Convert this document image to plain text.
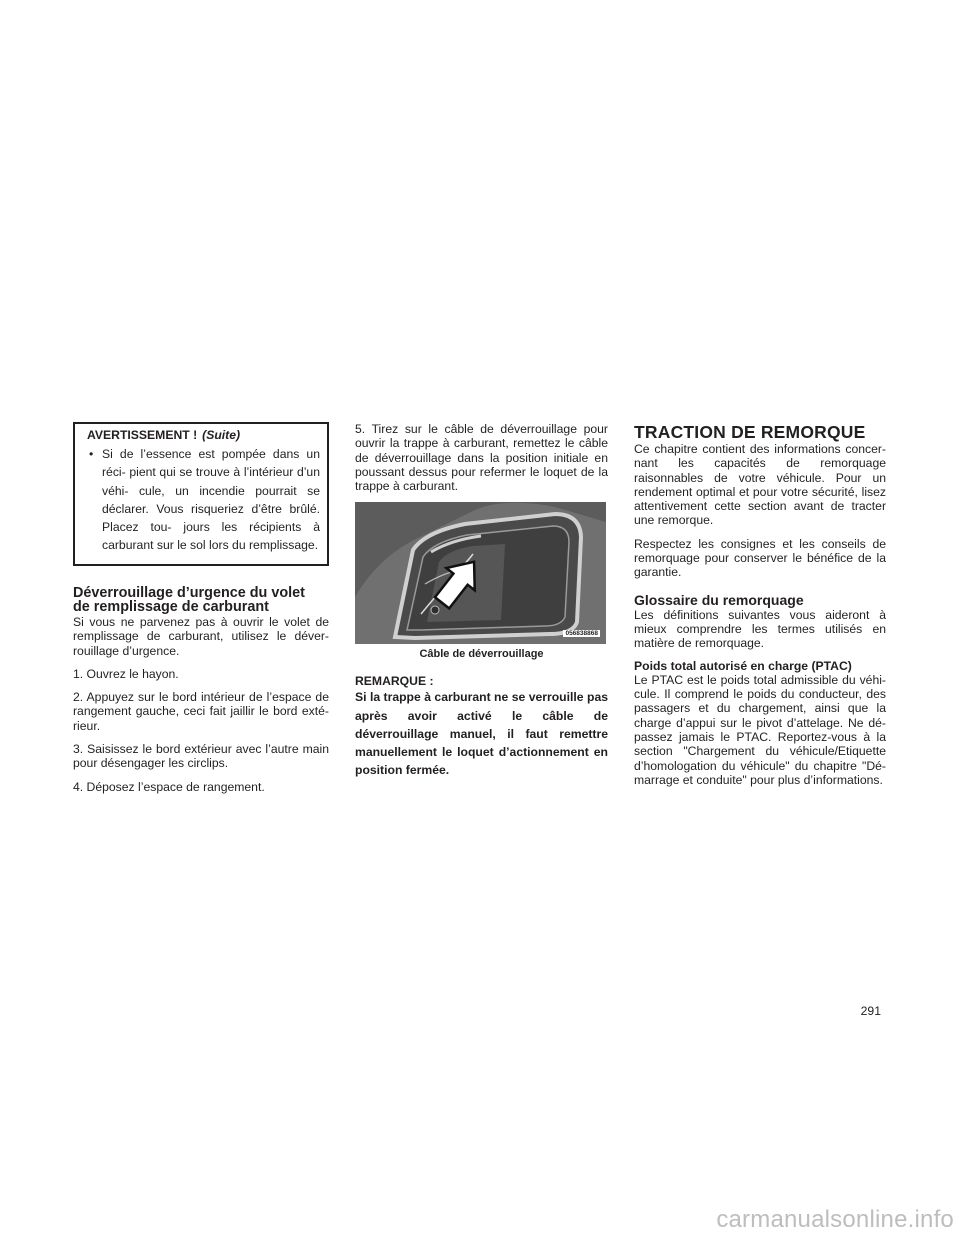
AVERTISSEMENT ! (Suite)
• Si de l’essence est pompée dans un réci- pient qui se trouve à l’intérieur d’un véhi- cule, un incendie pourrait se déclarer. Vous risqueriez d’être brûlé. Placez tou- jours les récipients à carburant sur le sol lors du remplissage.
Déverrouillage d’urgence du volet
de remplissage de carburant

Si vous ne parvenez pas à ouvrir le volet de remplissage de carburant, utilisez le déver- rouillage d’urgence.

1. Ouvrez le hayon.

2. Appuyez sur le bord intérieur de l’espace de rangement gauche, ceci fait jaillir le bord exté- rieur.

3. Saisissez le bord extérieur avec l’autre main pour désengager les circlips.

4. Déposez l’espace de rangement.

5. Tirez sur le câble de déverrouillage pour ouvrir la trappe à carburant, remettez le câble de déverrouillage dans la position initiale en poussant dessus pour refermer le loquet de la trappe à carburant.

056838868
Câble de déverrouillage
REMARQUE :
Si la trappe à carburant ne se verrouille pas après avoir activé le câble de déverrouillage manuel, il faut remettre manuellement le loquet d’actionnement en position fermée.
TRACTION DE REMORQUE

Ce chapitre contient des informations concer- nant les capacités de remorquage raisonnables de votre véhicule. Pour un rendement optimal et pour votre sécurité, lisez attentivement cette section avant de tracter une remorque.

Respectez les consignes et les conseils de remorquage pour conserver le bénéfice de la garantie.

Glossaire du remorquage

Les définitions suivantes vous aideront à mieux comprendre les termes utilisés en matière de remorquage.

Poids total autorisé en charge (PTAC)

Le PTAC est le poids total admissible du véhi- cule. Il comprend le poids du conducteur, des passagers et du chargement, ainsi que la charge d’appui sur le pivot d’attelage. Ne dé- passez jamais le PTAC. Reportez-vous à la section "Chargement du véhicule/Etiquette d’homologation du véhicule" du chapitre "Dé- marrage et conduite" pour plus d’informations.

291
carmanualsonline.info
